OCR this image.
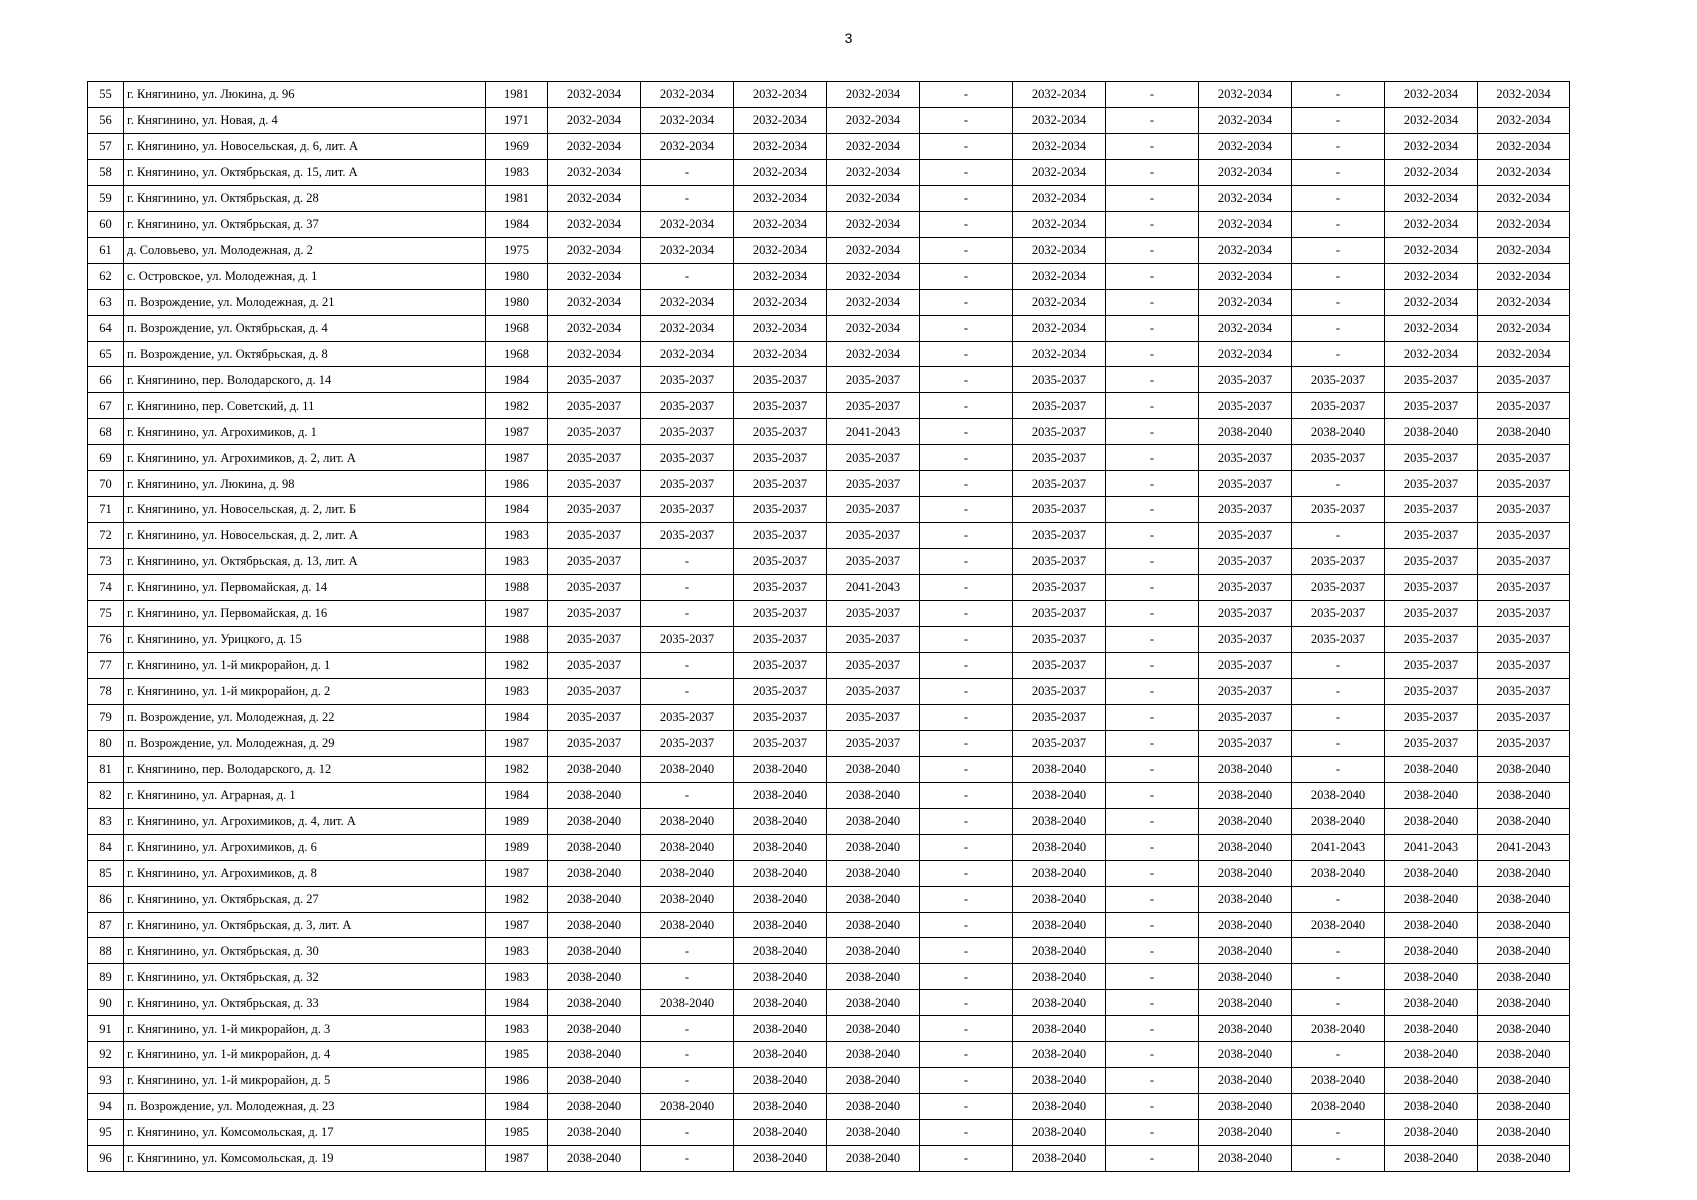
3
55	г. Княгинино, ул. Люкина, д. 96	1981	2032-2034	2032-2034	2032-2034	2032-2034	-	2032-2034	-	2032-2034	-	2032-2034	2032-2034
56	г. Княгинино, ул. Новая, д. 4	1971	2032-2034	2032-2034	2032-2034	2032-2034	-	2032-2034	-	2032-2034	-	2032-2034	2032-2034
57	г. Княгинино, ул. Новосельская, д. 6, лит. А	1969	2032-2034	2032-2034	2032-2034	2032-2034	-	2032-2034	-	2032-2034	-	2032-2034	2032-2034
58	г. Княгинино, ул. Октябрьская, д. 15, лит. А	1983	2032-2034	-	2032-2034	2032-2034	-	2032-2034	-	2032-2034	-	2032-2034	2032-2034
59	г. Княгинино, ул. Октябрьская, д. 28	1981	2032-2034	-	2032-2034	2032-2034	-	2032-2034	-	2032-2034	-	2032-2034	2032-2034
60	г. Княгинино, ул. Октябрьская, д. 37	1984	2032-2034	2032-2034	2032-2034	2032-2034	-	2032-2034	-	2032-2034	-	2032-2034	2032-2034
61	д. Соловьево, ул. Молодежная, д. 2	1975	2032-2034	2032-2034	2032-2034	2032-2034	-	2032-2034	-	2032-2034	-	2032-2034	2032-2034
62	с. Островское, ул. Молодежная, д. 1	1980	2032-2034	-	2032-2034	2032-2034	-	2032-2034	-	2032-2034	-	2032-2034	2032-2034
63	п. Возрождение, ул. Молодежная, д. 21	1980	2032-2034	2032-2034	2032-2034	2032-2034	-	2032-2034	-	2032-2034	-	2032-2034	2032-2034
64	п. Возрождение, ул. Октябрьская, д. 4	1968	2032-2034	2032-2034	2032-2034	2032-2034	-	2032-2034	-	2032-2034	-	2032-2034	2032-2034
65	п. Возрождение, ул. Октябрьская, д. 8	1968	2032-2034	2032-2034	2032-2034	2032-2034	-	2032-2034	-	2032-2034	-	2032-2034	2032-2034
66	г. Княгинино, пер. Володарского, д. 14	1984	2035-2037	2035-2037	2035-2037	2035-2037	-	2035-2037	-	2035-2037	2035-2037	2035-2037	2035-2037
67	г. Княгинино, пер. Советский, д. 11	1982	2035-2037	2035-2037	2035-2037	2035-2037	-	2035-2037	-	2035-2037	2035-2037	2035-2037	2035-2037
68	г. Княгинино, ул. Агрохимиков, д. 1	1987	2035-2037	2035-2037	2035-2037	2041-2043	-	2035-2037	-	2038-2040	2038-2040	2038-2040	2038-2040
69	г. Княгинино, ул. Агрохимиков, д. 2, лит. А	1987	2035-2037	2035-2037	2035-2037	2035-2037	-	2035-2037	-	2035-2037	2035-2037	2035-2037	2035-2037
70	г. Княгинино, ул. Люкина, д. 98	1986	2035-2037	2035-2037	2035-2037	2035-2037	-	2035-2037	-	2035-2037	-	2035-2037	2035-2037
71	г. Княгинино, ул. Новосельская, д. 2, лит. Б	1984	2035-2037	2035-2037	2035-2037	2035-2037	-	2035-2037	-	2035-2037	2035-2037	2035-2037	2035-2037
72	г. Княгинино, ул. Новосельская, д. 2, лит. А	1983	2035-2037	2035-2037	2035-2037	2035-2037	-	2035-2037	-	2035-2037	-	2035-2037	2035-2037
73	г. Княгинино, ул. Октябрьская, д. 13, лит. А	1983	2035-2037	-	2035-2037	2035-2037	-	2035-2037	-	2035-2037	2035-2037	2035-2037	2035-2037
74	г. Княгинино, ул. Первомайская, д. 14	1988	2035-2037	-	2035-2037	2041-2043	-	2035-2037	-	2035-2037	2035-2037	2035-2037	2035-2037
75	г. Княгинино, ул. Первомайская, д. 16	1987	2035-2037	-	2035-2037	2035-2037	-	2035-2037	-	2035-2037	2035-2037	2035-2037	2035-2037
76	г. Княгинино, ул. Урицкого, д. 15	1988	2035-2037	2035-2037	2035-2037	2035-2037	-	2035-2037	-	2035-2037	2035-2037	2035-2037	2035-2037
77	г. Княгинино, ул. 1-й микрорайон, д. 1	1982	2035-2037	-	2035-2037	2035-2037	-	2035-2037	-	2035-2037	-	2035-2037	2035-2037
78	г. Княгинино, ул. 1-й микрорайон, д. 2	1983	2035-2037	-	2035-2037	2035-2037	-	2035-2037	-	2035-2037	-	2035-2037	2035-2037
79	п. Возрождение, ул. Молодежная, д. 22	1984	2035-2037	2035-2037	2035-2037	2035-2037	-	2035-2037	-	2035-2037	-	2035-2037	2035-2037
80	п. Возрождение, ул. Молодежная, д. 29	1987	2035-2037	2035-2037	2035-2037	2035-2037	-	2035-2037	-	2035-2037	-	2035-2037	2035-2037
81	г. Княгинино, пер. Володарского, д. 12	1982	2038-2040	2038-2040	2038-2040	2038-2040	-	2038-2040	-	2038-2040	-	2038-2040	2038-2040
82	г. Княгинино, ул. Аграрная, д. 1	1984	2038-2040	-	2038-2040	2038-2040	-	2038-2040	-	2038-2040	2038-2040	2038-2040	2038-2040
83	г. Княгинино, ул. Агрохимиков, д. 4, лит. А	1989	2038-2040	2038-2040	2038-2040	2038-2040	-	2038-2040	-	2038-2040	2038-2040	2038-2040	2038-2040
84	г. Княгинино, ул. Агрохимиков, д. 6	1989	2038-2040	2038-2040	2038-2040	2038-2040	-	2038-2040	-	2038-2040	2041-2043	2041-2043	2041-2043
85	г. Княгинино, ул. Агрохимиков, д. 8	1987	2038-2040	2038-2040	2038-2040	2038-2040	-	2038-2040	-	2038-2040	2038-2040	2038-2040	2038-2040
86	г. Княгинино, ул. Октябрьская, д. 27	1982	2038-2040	2038-2040	2038-2040	2038-2040	-	2038-2040	-	2038-2040	-	2038-2040	2038-2040
87	г. Княгинино, ул. Октябрьская, д. 3, лит. А	1987	2038-2040	2038-2040	2038-2040	2038-2040	-	2038-2040	-	2038-2040	2038-2040	2038-2040	2038-2040
88	г. Княгинино, ул. Октябрьская, д. 30	1983	2038-2040	-	2038-2040	2038-2040	-	2038-2040	-	2038-2040	-	2038-2040	2038-2040
89	г. Княгинино, ул. Октябрьская, д. 32	1983	2038-2040	-	2038-2040	2038-2040	-	2038-2040	-	2038-2040	-	2038-2040	2038-2040
90	г. Княгинино, ул. Октябрьская, д. 33	1984	2038-2040	2038-2040	2038-2040	2038-2040	-	2038-2040	-	2038-2040	-	2038-2040	2038-2040
91	г. Княгинино, ул. 1-й микрорайон, д. 3	1983	2038-2040	-	2038-2040	2038-2040	-	2038-2040	-	2038-2040	2038-2040	2038-2040	2038-2040
92	г. Княгинино, ул. 1-й микрорайон, д. 4	1985	2038-2040	-	2038-2040	2038-2040	-	2038-2040	-	2038-2040	-	2038-2040	2038-2040
93	г. Княгинино, ул. 1-й микрорайон, д. 5	1986	2038-2040	-	2038-2040	2038-2040	-	2038-2040	-	2038-2040	2038-2040	2038-2040	2038-2040
94	п. Возрождение, ул. Молодежная, д. 23	1984	2038-2040	2038-2040	2038-2040	2038-2040	-	2038-2040	-	2038-2040	2038-2040	2038-2040	2038-2040
95	г. Княгинино, ул. Комсомольская, д. 17	1985	2038-2040	-	2038-2040	2038-2040	-	2038-2040	-	2038-2040	-	2038-2040	2038-2040
96	г. Княгинино, ул. Комсомольская, д. 19	1987	2038-2040	-	2038-2040	2038-2040	-	2038-2040	-	2038-2040	-	2038-2040	2038-2040
